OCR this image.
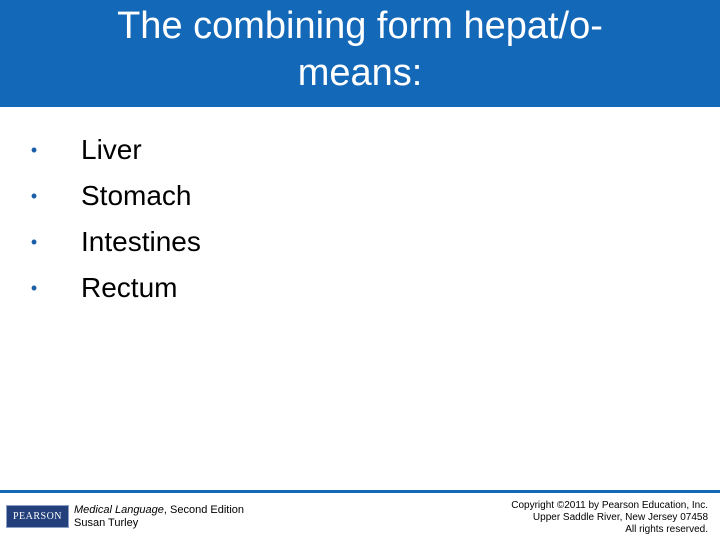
The combining form hepat/o-
means:
• Liver
• Stomach
• Intestines
• Rectum
PEARSON
Medical Language, Second Edition
Susan Turley
Copyright ©2011 by Pearson Education, Inc.
Upper Saddle River, New Jersey 07458
All rights reserved.
